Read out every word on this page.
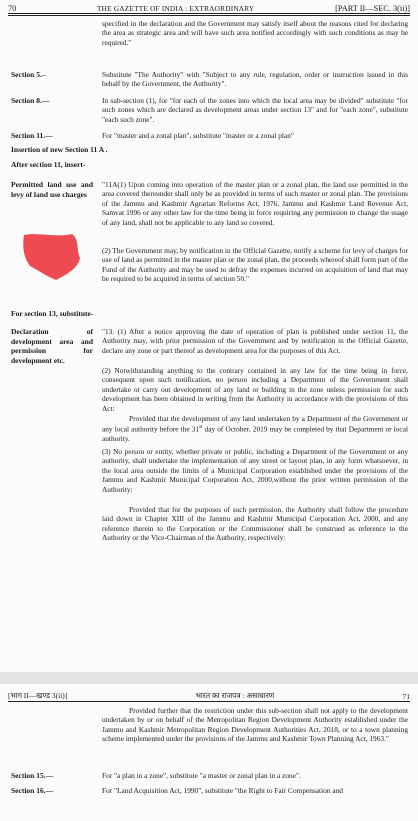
70	THE GAZETTE OF INDIA : EXTRAORDINARY	[PART II—SEC. 3(ii)]

specified in the declaration and the Government may satisfy itself about the reasons cited for declaring the area as strategic area and will have such area notified accordingly with such conditions as may be required."

Section 5.–	Substitute "The Authority" with "Subject to any rule, regulation, order or instruction issued in this behalf by the Government, the Authority".

Section 8.—	In sub-section (1), for "for each of the zones into which the local area may be divided" substitute "for such zones which are declared as development areas under section 13" and for "each zone", substitute "each such zone".

Section 11.—	For "master and a zonal plan", substitute "master or a zonal plan"

Insertion of new Section 11 A .

After section 11, insert-

Permitted land use and levy of land use charges

"11A(1) Upon coming into operation of the master plan or a zonal plan, the land use permitted in the area covered thereunder shall only be as provided in terms of such master or zonal plan. The provisions of the Jammu and Kashmir Agrarian Reforms Act, 1976, Jammu and Kashmir Land Revenue Act, Samvat 1996 or any other law for the time being in force requiring any permission to change the usage of any land, shall not be applicable to any land so covered.

(2) The Government may, by notification in the Official Gazette, notify a scheme for levy of charges for use of land as permitted in the master plan or the zonal plan, the proceeds whereof shall form part of the Fund of the Authority and may be used to defray the expenses incurred on acquisition of land that may be required to be acquired in terms of section 50."

For section 13, substitute-

Declaration of development area and permission for development etc.

"13. (1) After a notice approving the date of operation of plan is published under section 11, the Authority may, with prior permission of the Government and by notification in the Official Gazette, declare any zone or part thereof as development area for the purposes of this Act.

(2) Notwithstanding anything to the contrary contained in any law for the time being in force, consequent upon such notification, no person including a Department of the Government shall undertake or carry out development of any land or building in the zone unless permission for such development has been obtained in writing from the Authority in accordance with the provisions of this Act:

Provided that the development of any land undertaken by a Department of the Government or any local authority before the 31st day of October, 2019 may be completed by that Department or local authority.

(3) No person or entity, whether private or public, including a Department of the Government or any authority, shall undertake the implementation of any street or layout plan, in any form whatsoever, in the local area outside the limits of a Municipal Corporation established under the provisions of the Jammu and Kashmir Municipal Corporation Act, 2000,without the prior written permission of the Authority:

Provided that for the purposes of such permission, the Authority shall follow the procedure laid down in Chapter XIII of the Jammu and Kashmir Municipal Corporation Act, 2000, and any reference therein to the Corporation or the Commissioner shall be construed as reference to the Authority or the Vice-Chairman of the Authority, respectively:

[भाग II—खण्ड 3(ii)]	भारत का राजपत्र : असाधारण	71

Provided further that the restriction under this sub-section shall not apply to the development undertaken by or on behalf of the Metropolitan Region Development Authority established under the Jammu and Kashmir Metropolitan Region Development Authorities Act, 2018, or to a town planning scheme implemented under the provisions of the Jammu and Kashmir Town Planning Act, 1963."

Section 15.—	For "a plan in a zone", substitute "a master or zonal plan in a zone".

Section 16.—	For "Land Acquisition Act, 1990", substitute "the Right to Fair Compensation and
